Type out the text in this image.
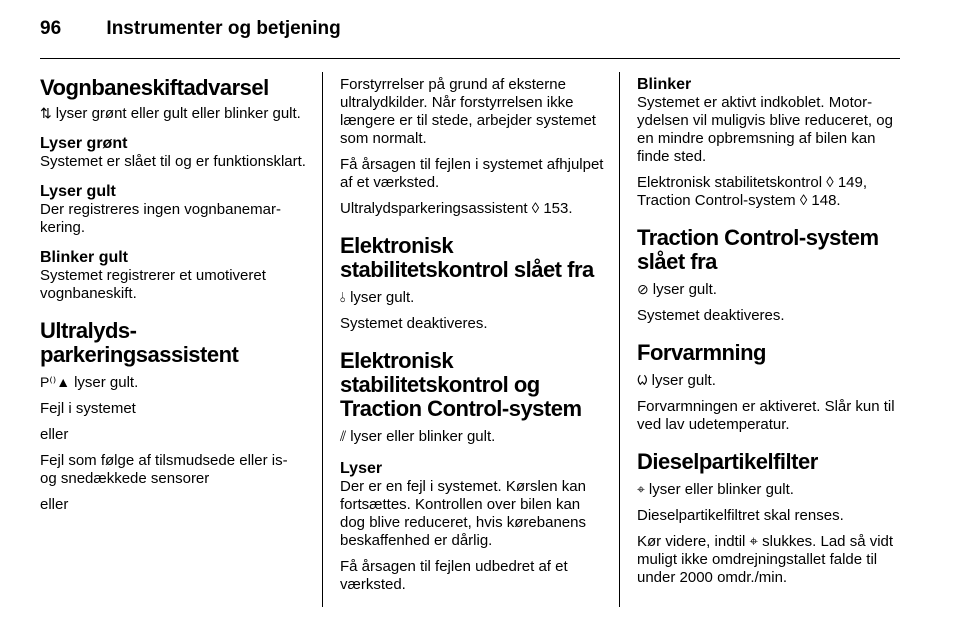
96 Instrumenter og betjening
Vognbaneskiftadvarsel

⇅ lyser grønt eller gult eller blinker gult.

Lyser grønt

Systemet er slået til og er funktionsklart.

Lyser gult

Der registreres ingen vognbanemarkering.

Blinker gult

Systemet registrerer et umotiveret vognbaneskift.

Ultralyds-
parkeringsassistent

P⁽⁾▲ lyser gult.

Fejl i systemet

eller

Fejl som følge af tilsmudsede eller is- og snedækkede sensorer

eller

Forstyrrelser på grund af eksterne ultralydkilder. Når forstyrrelsen ikke længere er til stede, arbejder systemet som normalt.

Få årsagen til fejlen i systemet afhjulpet af et værksted.

Ultralydsparkeringsassistent ◊ 153.

Elektronisk
stabilitetskontrol slået fra

⫰ lyser gult.

Systemet deaktiveres.

Elektronisk
stabilitetskontrol og
Traction Control-system

⫽ lyser eller blinker gult.

Lyser

Der er en fejl i systemet. Kørslen kan fortsættes. Kontrollen over bilen kan dog blive reduceret, hvis kørebanens beskaffenhed er dårlig.

Få årsagen til fejlen udbedret af et værksted.

Blinker

Systemet er aktivt indkoblet. Motorydelsen vil muligvis blive reduceret, og en mindre opbremsning af bilen kan finde sted.

Elektronisk stabilitetskontrol ◊ 149, Traction Control-system ◊ 148.

Traction Control-system
slået fra

⊘ lyser gult.

Systemet deaktiveres.

Forvarmning

ᱦ lyser gult.

Forvarmningen er aktiveret. Slår kun til ved lav udetemperatur.

Dieselpartikelfilter

⌖ lyser eller blinker gult.

Dieselpartikelfiltret skal renses.

Kør videre, indtil ⌖ slukkes. Lad så vidt muligt ikke omdrejningstallet falde til under 2000 omdr./min.
